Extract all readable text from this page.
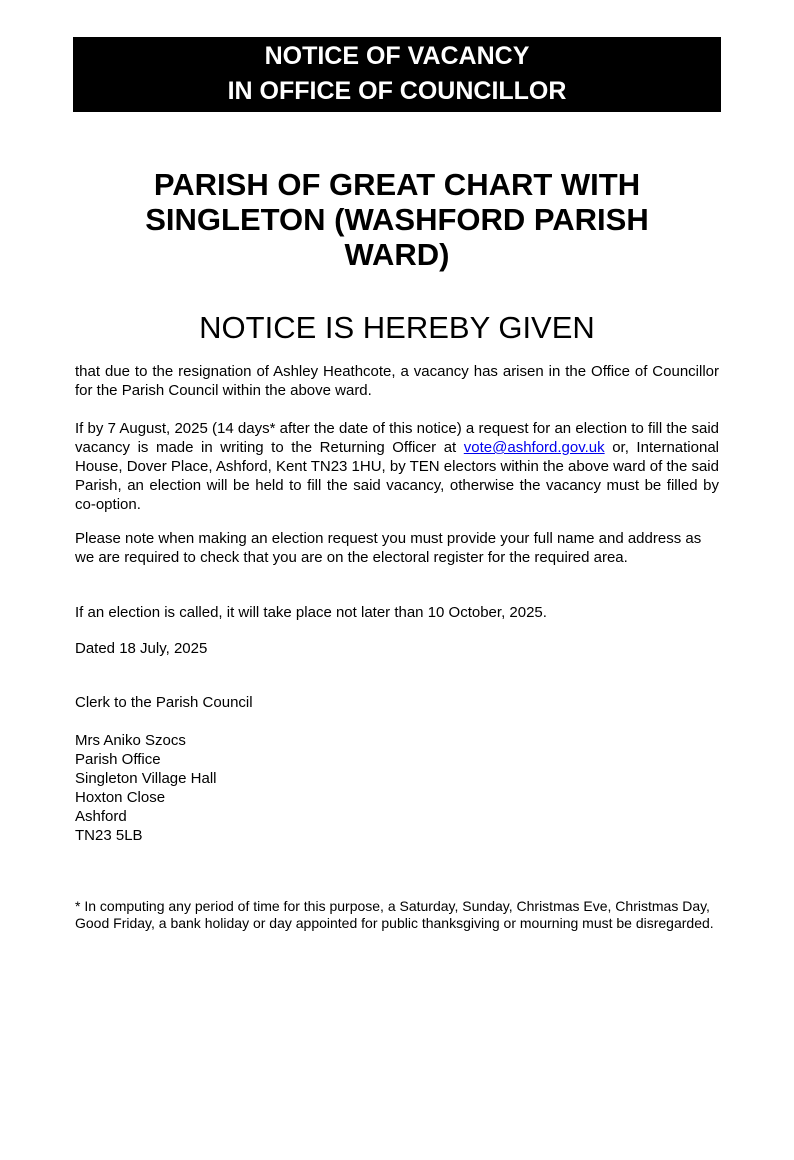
NOTICE OF VACANCY
IN OFFICE OF COUNCILLOR
PARISH OF GREAT CHART WITH
SINGLETON (WASHFORD PARISH
WARD)
NOTICE IS HEREBY GIVEN

that due to the resignation of Ashley Heathcote, a vacancy has arisen in the Office of Councillor for the Parish Council within the above ward.

If by 7 August, 2025 (14 days* after the date of this notice) a request for an election to fill the said vacancy is made in writing to the Returning Officer at vote@ashford.gov.uk or, International House, Dover Place, Ashford, Kent TN23 1HU, by TEN electors within the above ward of the said Parish, an election will be held to fill the said vacancy, otherwise the vacancy must be filled by co-option.

Please note when making an election request you must provide your full name and address as we are required to check that you are on the electoral register for the required area.

If an election is called, it will take place not later than 10 October, 2025.

Dated 18 July, 2025

Clerk to the Parish Council

Mrs Aniko Szocs
Parish Office
Singleton Village Hall
Hoxton Close
Ashford
TN23 5LB

* In computing any period of time for this purpose, a Saturday, Sunday, Christmas Eve, Christmas Day, Good Friday, a bank holiday or day appointed for public thanksgiving or mourning must be disregarded.
